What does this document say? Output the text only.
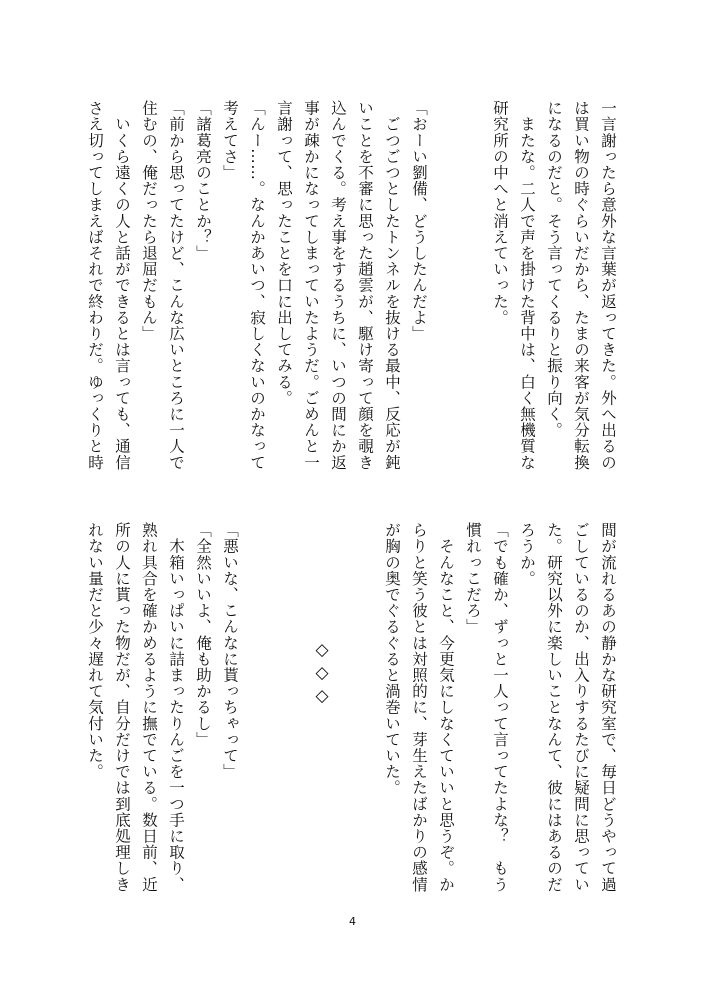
一言謝ったら意外な言葉が返ってきた。外へ出るの
は買い物の時ぐらいだから、たまの来客が気分転換
になるのだと。そう言ってくるりと振り向く。
　またな。二人で声を掛けた背中は、白く無機質な
研究所の中へと消えていった。

「おーい劉備、どうしたんだよ」
　ごつごつとしたトンネルを抜ける最中、反応が鈍
いことを不審に思った趙雲が、駆け寄って顔を覗き
込んでくる。考え事をするうちに、いつの間にか返
事が疎かになってしまっていたようだ。ごめんと一
言謝って、思ったことを口に出してみる。
「んー……。なんかあいつ、寂しくないのかなって
考えてさ」
「諸葛亮のことか？」
「前から思ってたけど、こんな広いところに一人で
住むの、俺だったら退屈だもん」
　いくら遠くの人と話ができるとは言っても、通信
さえ切ってしまえばそれで終わりだ。ゆっくりと時
◇◇◇	間が流れるあの静かな研究室で、毎日どうやって過
ごしているのか、出入りするたびに疑問に思ってい
た。研究以外に楽しいことなんて、彼にはあるのだ
ろうか。
「でも確か、ずっと一人って言ってたよな？　もう
慣れっこだろ」
　そんなこと、今更気にしなくていいと思うぞ。か
らりと笑う彼とは対照的に、芽生えたばかりの感情
が胸の奥でぐるぐると渦巻いていた。

「悪いな、こんなに貰っちゃって」
「全然いいよ、俺も助かるし」
　木箱いっぱいに詰まったりんごを一つ手に取り、
熟れ具合を確かめるように撫でている。数日前、近
所の人に貰った物だが、自分だけでは到底処理しき
れない量だと少々遅れて気付いた。
4
